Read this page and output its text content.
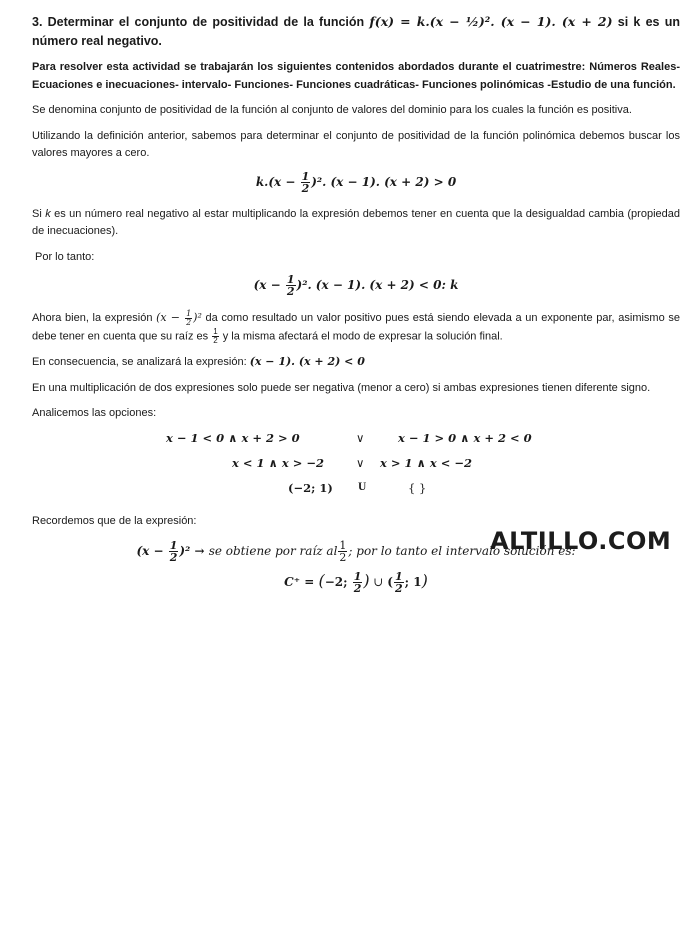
3. Determinar el conjunto de positividad de la función f(x) = k.(x − ½)². (x − 1). (x + 2) si k es un número real negativo.
Para resolver esta actividad se trabajarán los siguientes contenidos abordados durante el cuatrimestre: Números Reales- Ecuaciones e inecuaciones- intervalo- Funciones- Funciones cuadráticas- Funciones polinómicas -Estudio de una función.
Se denomina conjunto de positividad de la función al conjunto de valores del dominio para los cuales la función es positiva.
Utilizando la definición anterior, sabemos para determinar el conjunto de positividad de la función polinómica debemos buscar los valores mayores a cero.
$k.(x - \frac{1}{2} )^2$. (x − 1). (x + 2) > 0
Si k es un número real negativo al estar multiplicando la expresión debemos tener en cuenta que la desigualdad cambia (propiedad de inecuaciones).
Por lo tanto:
$(x - \frac{1}{2} )^2$. (x − 1). (x + 2) < 0: k
Ahora bien, la expresión $(x - \frac{1}{2} )^2$ da como resultado un valor positivo pues está siendo elevada a un exponente par, asimismo se debe tener en cuenta que su raíz es $\frac{1}{2}$ y la misma afectará el modo de expresar la solución final.
En consecuencia, se analizará la expresión: (x − 1). (x + 2) < 0
En una multiplicación de dos expresiones solo puede ser negativa (menor a cero) si ambas expresiones tienen diferente signo.
Analicemos las opciones:
x − 1 < 0 ∧ x + 2 > 0	∨	x − 1 > 0 ∧ x + 2 < 0
x < 1 ∧ x > −2	∨ x > 1 ∧ x < −2
(−2; 1) U	{ }
Recordemos que de la expresión:
$(x - \frac{1}{2} )^2$ → se obtiene por raíz al $\frac{1}{2}$ ; por lo tanto el intervalo solución es:
C⁺ = (−2; $\frac{1}{2}$ ) ∪ ( $\frac{1}{2}$ ; 1)
ALTILLO.COM
